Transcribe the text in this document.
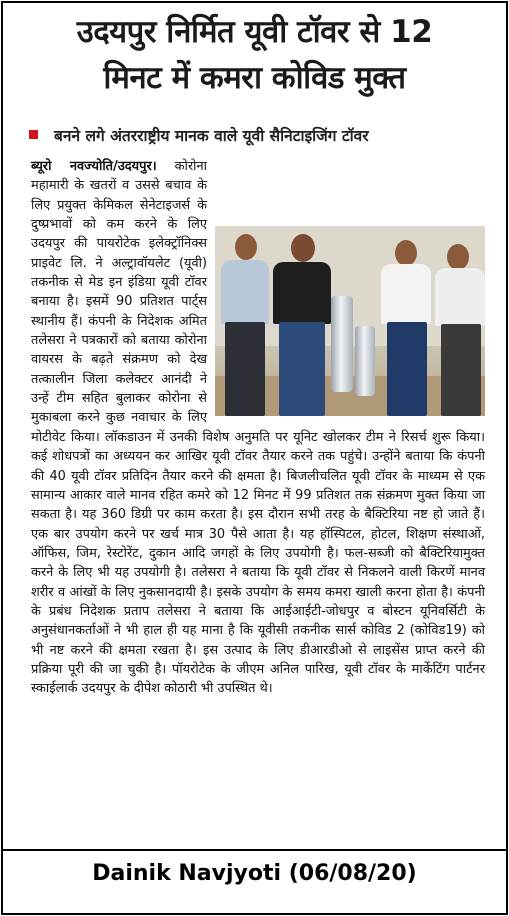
उदयपुर निर्मित यूवी टॉवर से 12
मिनट में कमरा कोविड मुक्त
बनने लगे अंतरराष्ट्रीय मानक वाले यूवी सैनिटाइजिंग टॉवर
ब्यूरो नवज्योति/उदयपुर। कोरोना महामारी के खतरों व उससे बचाव के लिए प्रयुक्त केमिकल सेनेटाइजर्स के दुष्प्रभावों को कम करने के लिए उदयपुर की पायरोटेक इलेक्ट्रॉनिक्स प्राइवेट लि. ने अल्ट्रावॉयलेट (यूवी) तकनीक से मेड इन इंडिया यूवी टॉवर बनाया है। इसमें 90 प्रतिशत पार्ट्स स्थानीय हैं। कंपनी के निदेशक अमित तलेसरा ने पत्रकारों को बताया कोरोना वायरस के बढ़ते संक्रमण को देख तत्कालीन जिला कलेक्टर आनंदी ने उन्हें टीम सहित बुलाकर कोरोना से मुकाबला करने कुछ नवाचार के लिए मोटीवेट किया। लॉकडाउन में उनकी विशेष अनुमति पर यूनिट खोलकर टीम ने रिसर्च शुरू किया। कई शोधपत्रों का अध्ययन कर आखिर यूवी टॉवर तैयार करने तक पहुंचे। उन्होंने बताया कि कंपनी की 40 यूवी टॉवर प्रतिदिन तैयार करने की क्षमता है। बिजलीचलित यूवी टॉवर के माध्यम से एक सामान्य आकार वाले मानव रहित कमरे को 12 मिनट में 99 प्रतिशत तक संक्रमण मुक्त किया जा सकता है। यह 360 डिग्री पर काम करता है। इस दौरान सभी तरह के बैक्टिरिया नष्ट हो जाते हैं। एक बार उपयोग करने पर खर्च मात्र 30 पैसे आता है। यह हॉस्पिटल, होटल, शिक्षण संस्थाओं, ऑफिस, जिम, रेस्टोरेंट, दुकान आदि जगहों के लिए उपयोगी है। फल-सब्जी को बैक्टिरियामुक्त करने के लिए भी यह उपयोगी है। तलेसरा ने बताया कि यूवी टॉवर से निकलने वाली किरणें मानव शरीर व आंखों के लिए नुकसानदायी है। इसके उपयोग के समय कमरा खाली करना होता है। कंपनी के प्रबंध निदेशक प्रताप तलेसरा ने बताया कि आईआईटी-जोधपुर व बोस्टन यूनिवर्सिटी के अनुसंधानकर्ताओं ने भी हाल ही यह माना है कि यूवीसी तकनीक सार्स कोविड 2 (कोविड19) को भी नष्ट करने की क्षमता रखता है। इस उत्पाद के लिए डीआरडीओ से लाइसेंस प्राप्त करने की प्रक्रिया पूरी की जा चुकी है। पॉयरोटेक के जीएम अनिल पारिख, यूवी टॉवर के मार्केटिंग पार्टनर स्काईलार्क उदयपुर के दीपेश कोठारी भी उपस्थित थे।
Dainik Navjyoti (06/08/20)
